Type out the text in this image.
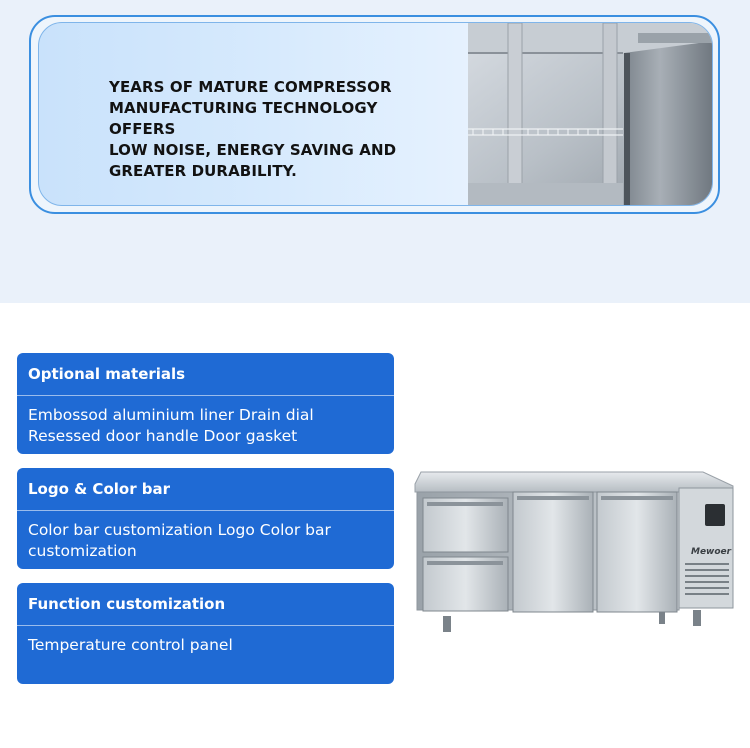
YEARS OF MATURE COMPRESSOR
MANUFACTURING TECHNOLOGY OFFERS
LOW NOISE, ENERGY SAVING AND
GREATER DURABILITY.

Optional materials

Embossod aluminium liner Drain dial
Resessed door handle Door gasket

Logo & Color bar

Color bar customization Logo Color bar
customization

Function customization

Temperature control panel

Mewoer
